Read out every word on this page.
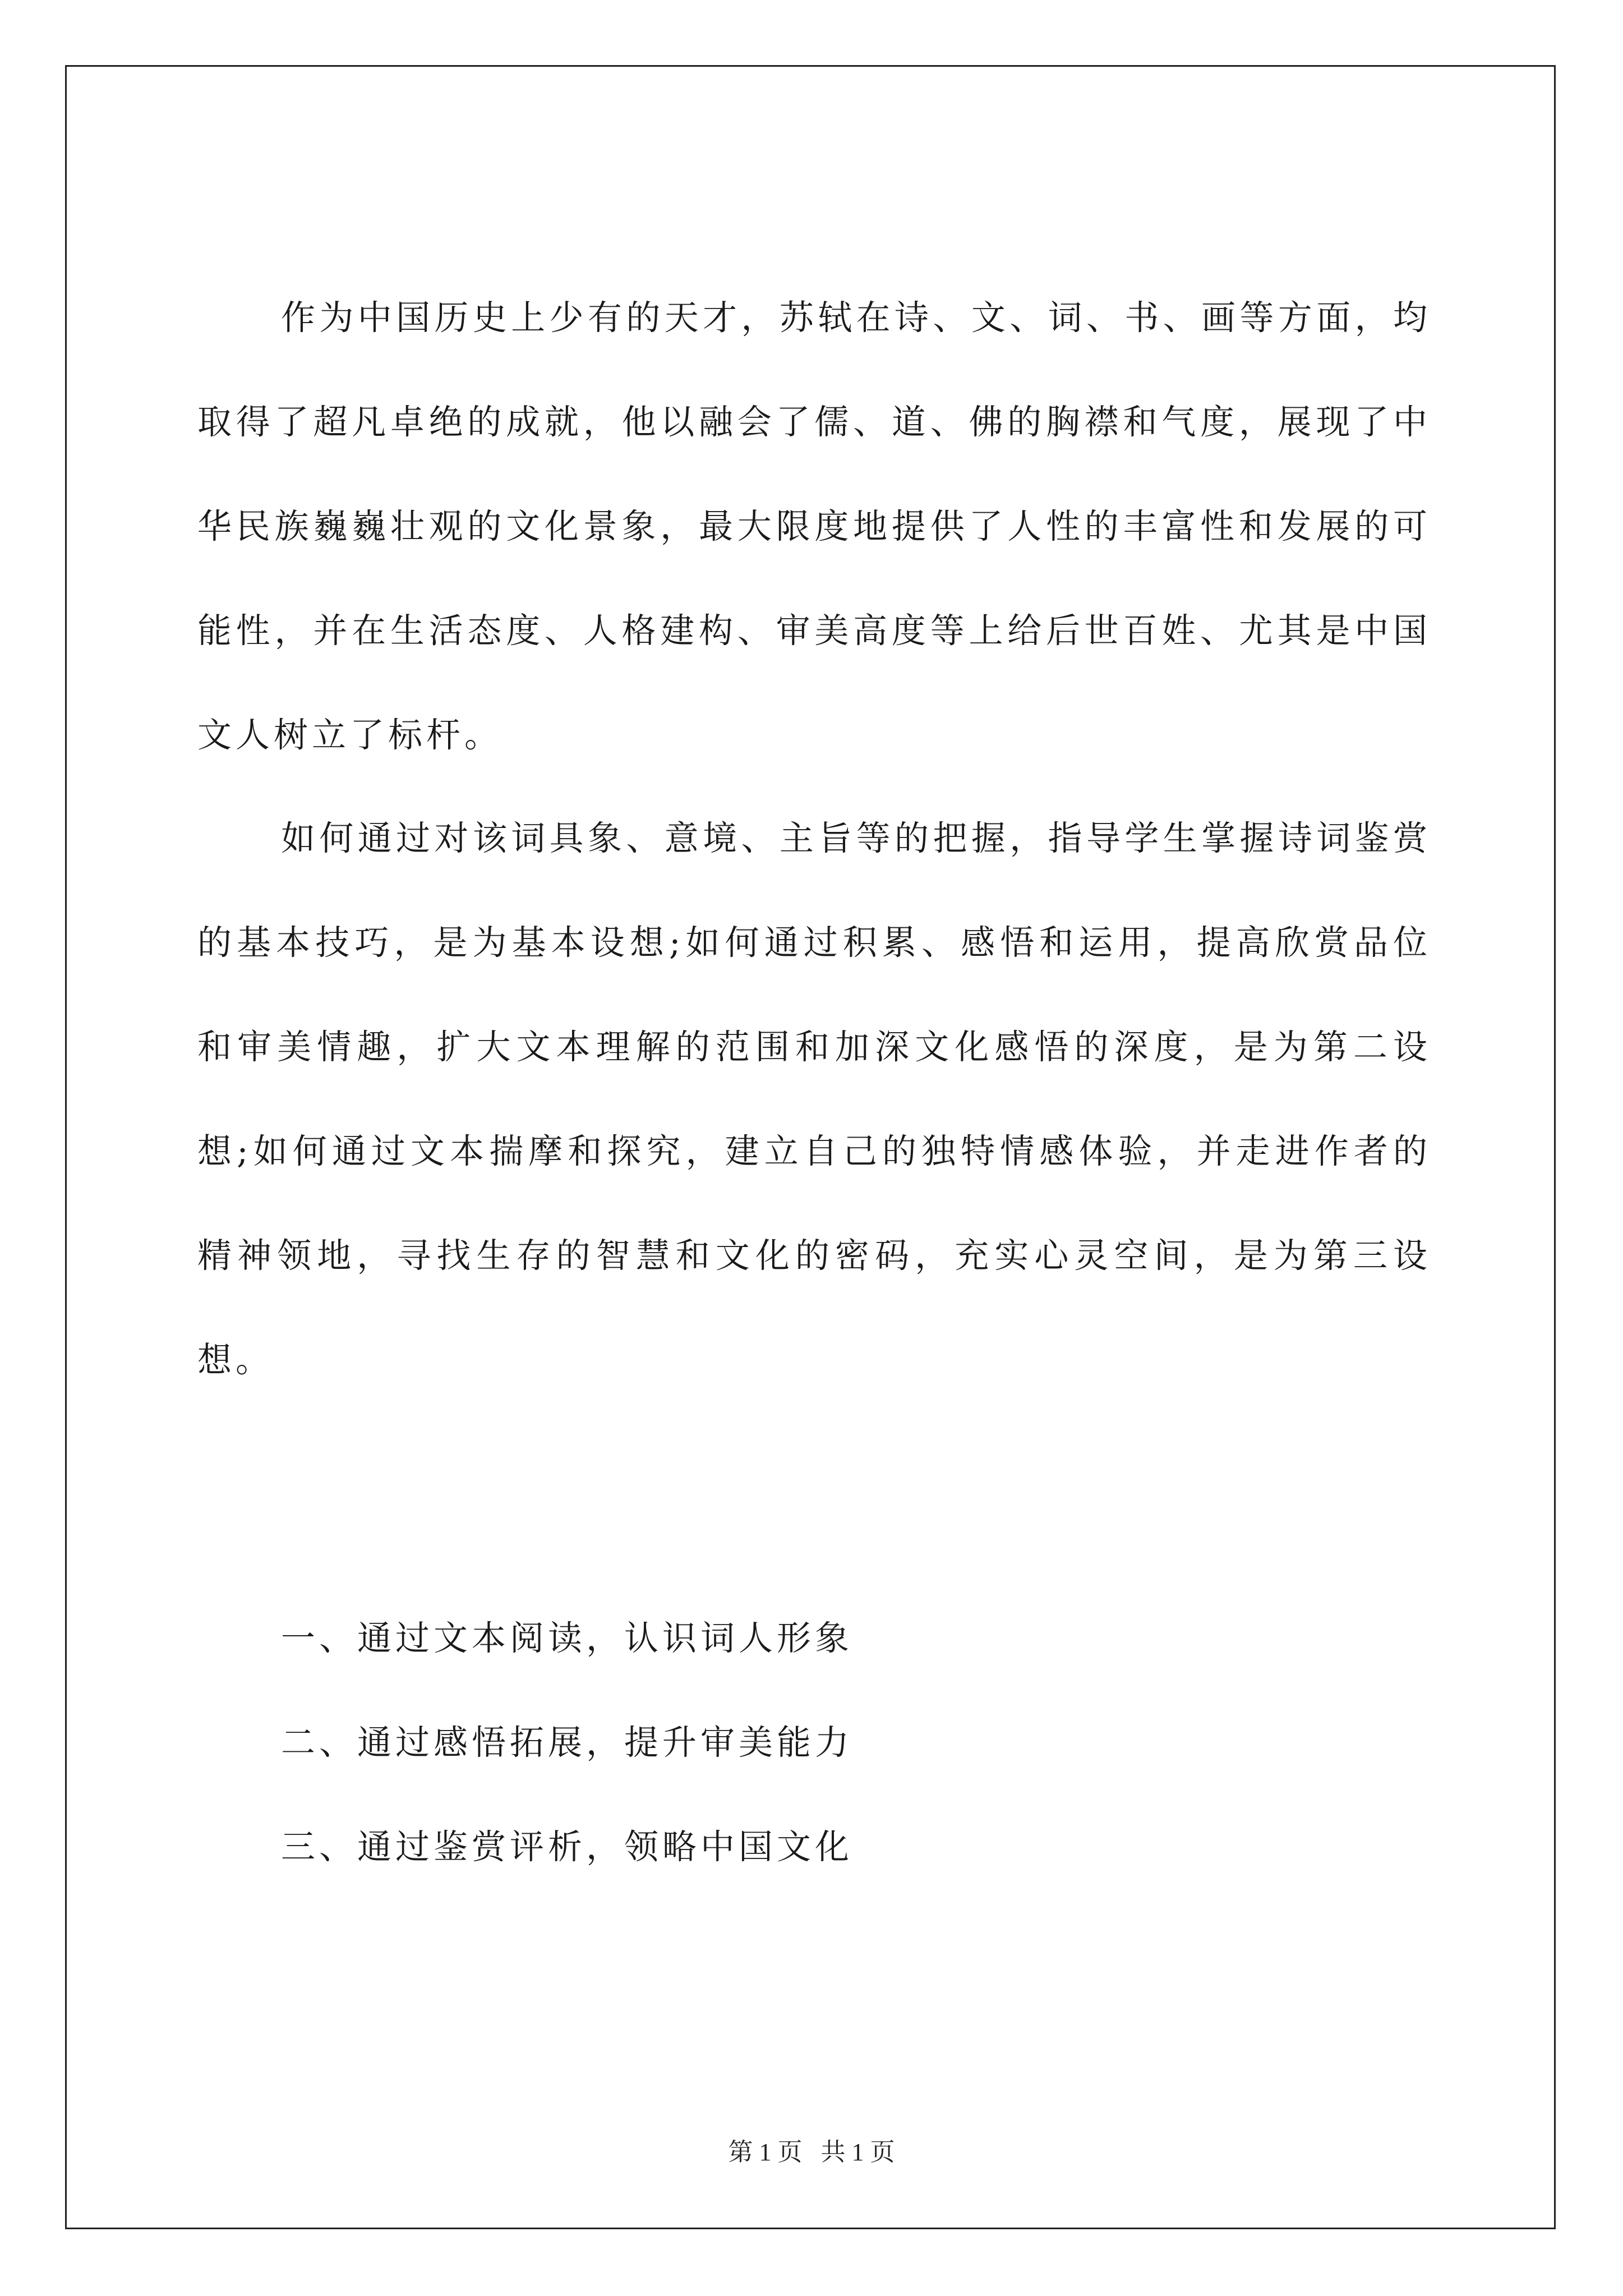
作为中国历史上少有的天才，苏轼在诗、文、词、书、画等方面，均取得了超凡卓绝的成就，他以融会了儒、道、佛的胸襟和气度，展现了中华民族巍巍壮观的文化景象，最大限度地提供了人性的丰富性和发展的可能性，并在生活态度、人格建构、审美高度等上给后世百姓、尤其是中国文人树立了标杆。

如何通过对该词具象、意境、主旨等的把握，指导学生掌握诗词鉴赏的基本技巧，是为基本设想;如何通过积累、感悟和运用，提高欣赏品位和审美情趣，扩大文本理解的范围和加深文化感悟的深度，是为第二设想;如何通过文本揣摩和探究，建立自己的独特情感体验，并走进作者的精神领地，寻找生存的智慧和文化的密码，充实心灵空间，是为第三设想。

一、通过文本阅读，认识词人形象
二、通过感悟拓展，提升审美能力
三、通过鉴赏评析，领略中国文化
第 1 页   共 1 页
